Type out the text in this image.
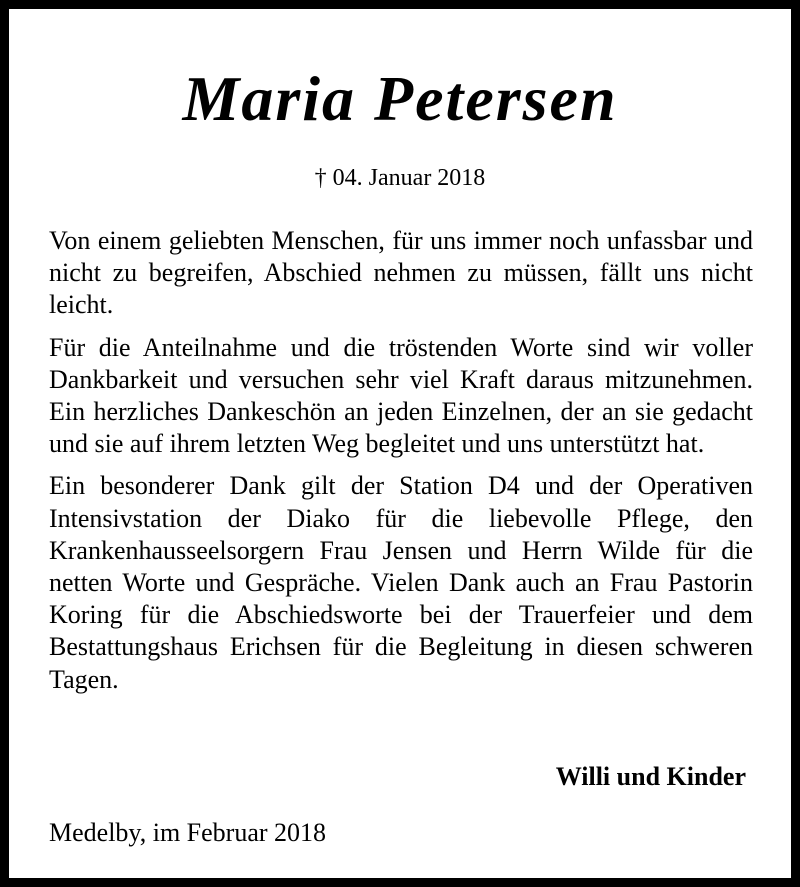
Maria Petersen
† 04. Januar 2018

Von einem geliebten Menschen, für uns immer noch unfassbar und nicht zu begreifen, Abschied nehmen zu müssen, fällt uns nicht leicht.

Für die Anteilnahme und die tröstenden Worte sind wir voller Dankbarkeit und versuchen sehr viel Kraft daraus mitzunehmen. Ein herzliches Dankeschön an jeden Einzelnen, der an sie gedacht und sie auf ihrem letzten Weg begleitet und uns unterstützt hat.

Ein besonderer Dank gilt der Station D4 und der Operativen Intensivstation der Diako für die liebevolle Pflege, den Krankenhausseelsorgern Frau Jensen und Herrn Wilde für die netten Worte und Gespräche. Vielen Dank auch an Frau Pastorin Koring für die Abschiedsworte bei der Trauerfeier und dem Bestattungshaus Erichsen für die Begleitung in diesen schweren Tagen.

Willi und Kinder
Medelby, im Februar 2018
